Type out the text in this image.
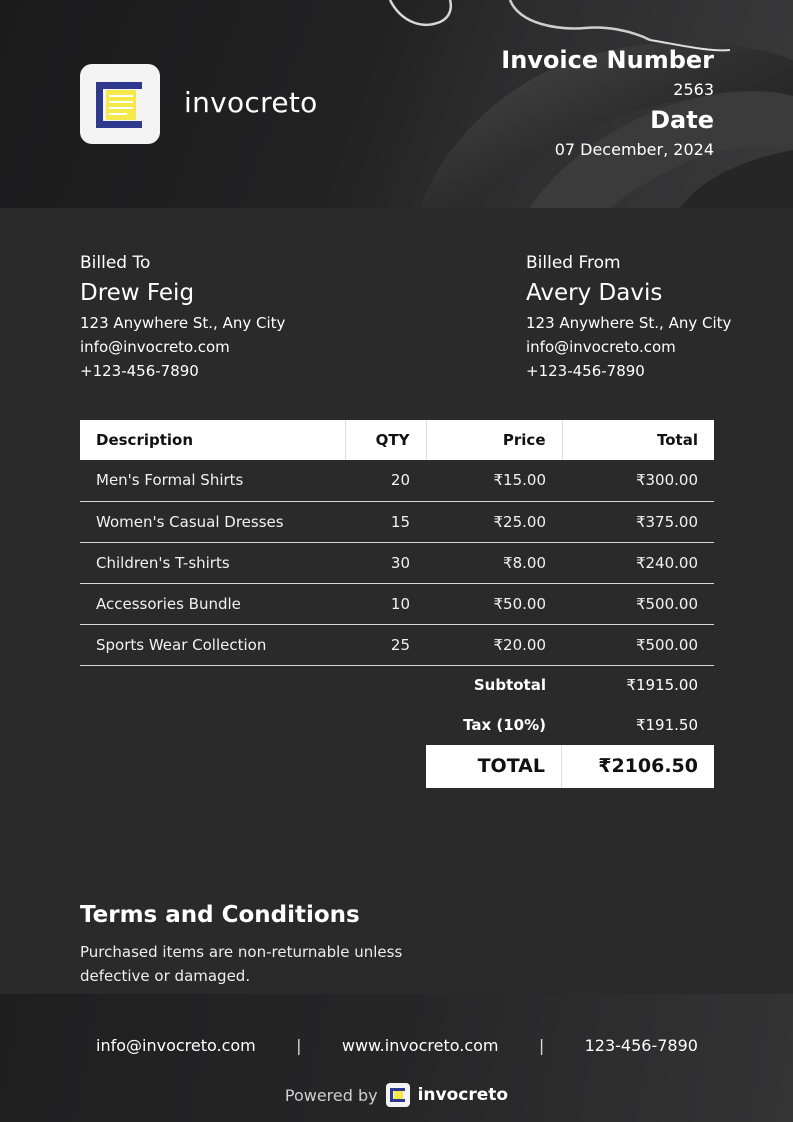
invocreto
Invoice Number
2563
Date
07 December, 2024
Billed To
Drew Feig
123 Anywhere St., Any City
info@invocreto.com
+123-456-7890
Billed From
Avery Davis
123 Anywhere St., Any City
info@invocreto.com
+123-456-7890
Description	QTY	Price	Total
Men's Formal Shirts	20	₹15.00	₹300.00
Women's Casual Dresses	15	₹25.00	₹375.00
Children's T-shirts	30	₹8.00	₹240.00
Accessories Bundle	10	₹50.00	₹500.00
Sports Wear Collection	25	₹20.00	₹500.00
Subtotal	₹1915.00
Tax (10%)	₹191.50
TOTAL	₹2106.50
Terms and Conditions
Purchased items are non-returnable unless defective or damaged.
info@invocreto.com	|	www.invocreto.com	|	123-456-7890
Powered by invocreto
